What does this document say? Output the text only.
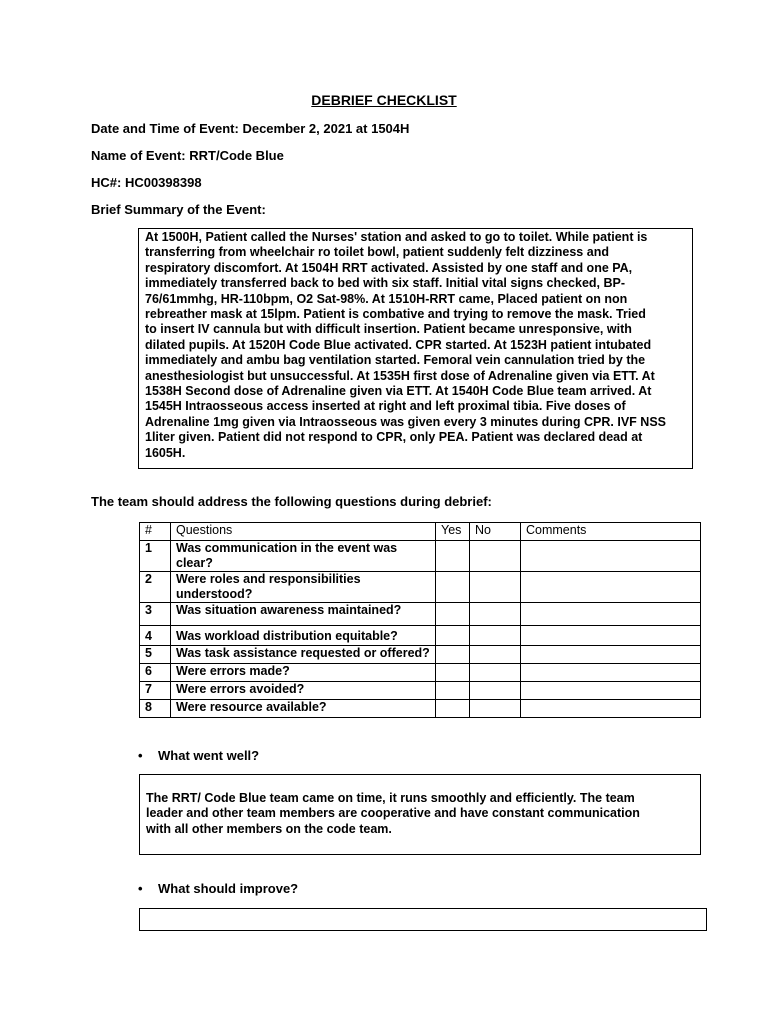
DEBRIEF CHECKLIST
Date and Time of Event: December 2, 2021 at 1504H
Name of Event: RRT/Code Blue
HC#: HC00398398
Brief Summary of the Event:
At 1500H, Patient called the Nurses' station and asked to go to toilet. While patient is
transferring from wheelchair ro toilet bowl, patient suddenly felt dizziness and
respiratory discomfort. At 1504H RRT activated. Assisted by one staff and one PA,
immediately transferred back to bed with six staff. Initial vital signs checked, BP-
76/61mmhg, HR-110bpm, O2 Sat-98%. At 1510H-RRT came, Placed patient on non
rebreather mask at 15lpm. Patient is combative and trying to remove the mask. Tried
to insert IV cannula but with difficult insertion. Patient became unresponsive, with
dilated pupils. At 1520H Code Blue activated. CPR started. At 1523H patient intubated
immediately and ambu bag ventilation started. Femoral vein cannulation tried by the
anesthesiologist but unsuccessful. At 1535H first dose of Adrenaline given via ETT. At
1538H Second dose of Adrenaline given via ETT. At 1540H Code Blue team arrived. At
1545H Intraosseous access inserted at right and left proximal tibia. Five doses of
Adrenaline 1mg given via Intraosseous was given every 3 minutes during CPR. IVF NSS
1liter given. Patient did not respond to CPR, only PEA. Patient was declared dead at
1605H.
The team should address the following questions during debrief:
#	Questions	Yes	No	Comments
1	Was communication in the event was
clear?			

2	Were roles and responsibilities
understood?			

3	Was situation awareness maintained?			
4	Was workload distribution equitable?			
5	Was task assistance requested or offered?			
6	Were errors made?			
7	Were errors avoided?			
8	Were resource available?			
• What went well?
The RRT/ Code Blue team came on time, it runs smoothly and efficiently. The team
leader and other team members are cooperative and have constant communication
with all other members on the code team.
• What should improve?
